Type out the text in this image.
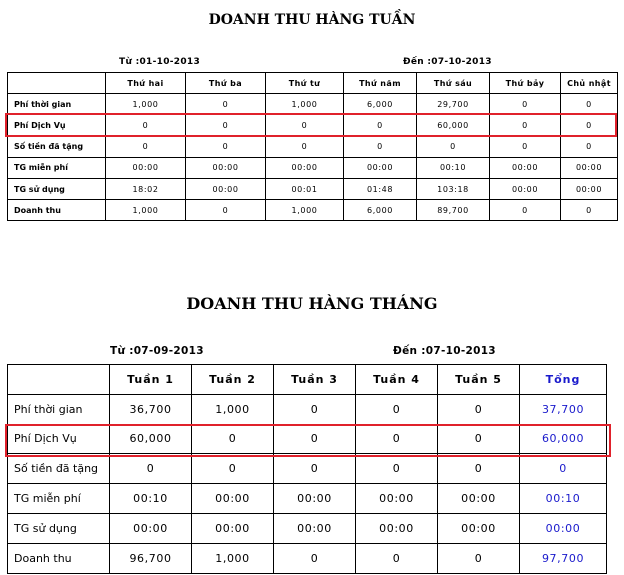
DOANH THU HÀNG TUẦN
Từ :01-10-2013	Đến :07-10-2013
	Thứ hai	Thứ ba	Thứ tư	Thứ năm	Thứ sáu	Thứ bảy	Chủ nhật
Phí thời gian	1,000	0	1,000	6,000	29,700	0	0
Phí Dịch Vụ	0	0	0	0	60,000	0	0
Số tiền đã tặng	0	0	0	0	0	0	0
TG miễn phí	00:00	00:00	00:00	00:00	00:10	00:00	00:00
TG sử dụng	18:02	00:00	00:01	01:48	103:18	00:00	00:00
Doanh thu	1,000	0	1,000	6,000	89,700	0	0
DOANH THU HÀNG THÁNG
Từ :07-09-2013	Đến :07-10-2013
	Tuần 1	Tuần 2	Tuần 3	Tuần 4	Tuần 5	Tổng
Phí thời gian	36,700	1,000	0	0	0	37,700
Phí Dịch Vụ	60,000	0	0	0	0	60,000
Số tiền đã tặng	0	0	0	0	0	0
TG miễn phí	00:10	00:00	00:00	00:00	00:00	00:10
TG sử dụng	00:00	00:00	00:00	00:00	00:00	00:00
Doanh thu	96,700	1,000	0	0	0	97,700
